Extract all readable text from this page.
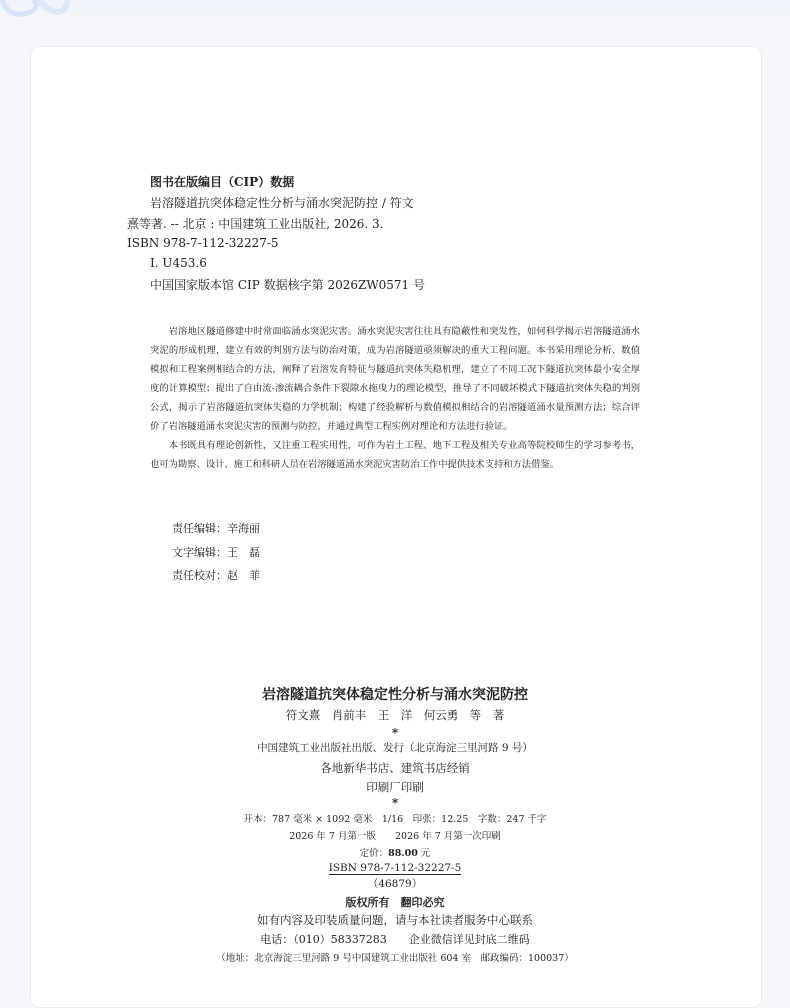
图书在版编目（CIP）数据
岩溶隧道抗突体稳定性分析与涌水突泥防控 / 符文
熹等著. -- 北京 : 中国建筑工业出版社, 2026. 3.
ISBN 978-7-112-32227-5
Ⅰ. U453.6
中国国家版本馆 CIP 数据核字第 2026ZW0571 号

岩溶地区隧道修建中时常面临涌水突泥灾害。涌水突泥灾害往往具有隐蔽性和突发性，如何科学揭示岩溶隧道涌水突泥的形成机理，建立有效的判别方法与防治对策，成为岩溶隧道亟须解决的重大工程问题。本书采用理论分析、数值模拟和工程案例相结合的方法，阐释了岩溶发育特征与隧道抗突体失稳机理，建立了不同工况下隧道抗突体最小安全厚度的计算模型；提出了自由流-渗流耦合条件下裂隙水拖曳力的理论模型，推导了不同破坏模式下隧道抗突体失稳的判别公式，揭示了岩溶隧道抗突体失稳的力学机制；构建了经验解析与数值模拟相结合的岩溶隧道涌水量预测方法；综合评价了岩溶隧道涌水突泥灾害的预测与防控，并通过典型工程实例对理论和方法进行验证。

本书既具有理论创新性，又注重工程实用性，可作为岩土工程、地下工程及相关专业高等院校师生的学习参考书，也可为勘察、设计、施工和科研人员在岩溶隧道涌水突泥灾害防治工作中提供技术支持和方法借鉴。

责任编辑：辛海丽
文字编辑：王　磊
责任校对：赵　菲
岩溶隧道抗突体稳定性分析与涌水突泥防控
符文熹　肖前丰　王　洋　何云勇　等　著
*
中国建筑工业出版社出版、发行（北京海淀三里河路 9 号）
各地新华书店、建筑书店经销
印刷厂印刷
*
开本：787 毫米 × 1092 毫米　1/16　印张：12.25　字数：247 千字
2026 年 7 月第一版　　2026 年 7 月第一次印刷
定价：88.00 元
ISBN 978-7-112-32227-5
（46879）
版权所有　翻印必究
如有内容及印装质量问题，请与本社读者服务中心联系
电话：（010）58337283　　企业微信详见封底二维码
（地址：北京海淀三里河路 9 号中国建筑工业出版社 604 室　邮政编码：100037）
